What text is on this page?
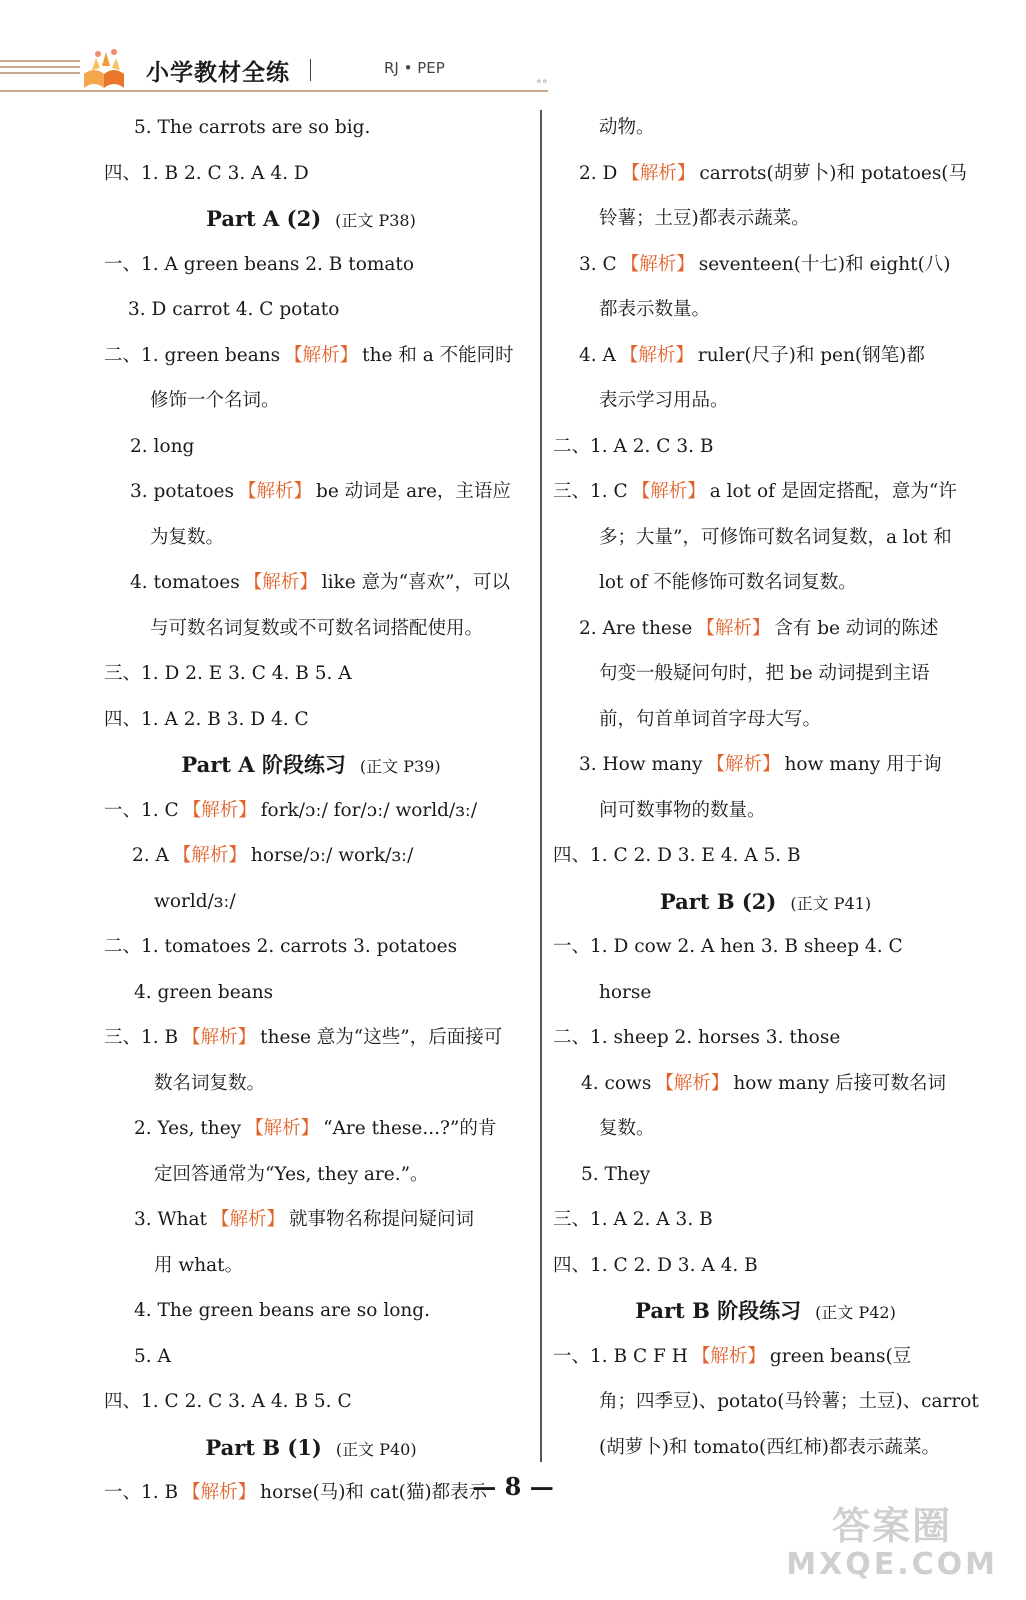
小学教材全练	RJ • PEP
∘∘
5. The carrots are so big.
四、1. B 2. C 3. A 4. D
Part A (2) (正文 P38)
一、1. A green beans 2. B tomato
3. D carrot 4. C potato
二、1. green beans 【解析】 the 和 a 不能同时
修饰一个名词。
2. long
3. potatoes 【解析】 be 动词是 are，主语应
为复数。
4. tomatoes 【解析】 like 意为“喜欢”，可以
与可数名词复数或不可数名词搭配使用。
三、1. D 2. E 3. C 4. B 5. A
四、1. A 2. B 3. D 4. C
Part A 阶段练习 (正文 P39)
一、1. C 【解析】 fork/ɔː/ for/ɔː/ world/ɜː/
2. A 【解析】 horse/ɔː/ work/ɜː/
world/ɜː/
二、1. tomatoes 2. carrots 3. potatoes
4. green beans
三、1. B 【解析】 these 意为“这些”，后面接可
数名词复数。
2. Yes, they 【解析】 “Are these...?”的肯
定回答通常为“Yes, they are.”。
3. What 【解析】 就事物名称提问疑问词
用 what。
4. The green beans are so long.
5. A
四、1. C 2. C 3. A 4. B 5. C
Part B (1) (正文 P40)
一、1. B 【解析】 horse(马)和 cat(猫)都表示
动物。
2. D 【解析】 carrots(胡萝卜)和 potatoes(马
铃薯；土豆)都表示蔬菜。
3. C 【解析】 seventeen(十七)和 eight(八)
都表示数量。
4. A 【解析】 ruler(尺子)和 pen(钢笔)都
表示学习用品。
二、1. A 2. C 3. B
三、1. C 【解析】 a lot of 是固定搭配，意为“许
多；大量”，可修饰可数名词复数，a lot 和
lot of 不能修饰可数名词复数。
2. Are these 【解析】 含有 be 动词的陈述
句变一般疑问句时，把 be 动词提到主语
前，句首单词首字母大写。
3. How many 【解析】 how many 用于询
问可数事物的数量。
四、1. C 2. D 3. E 4. A 5. B
Part B (2) (正文 P41)
一、1. D cow 2. A hen 3. B sheep 4. C
horse
二、1. sheep 2. horses 3. those
4. cows 【解析】 how many 后接可数名词
复数。
5. They
三、1. A 2. A 3. B
四、1. C 2. D 3. A 4. B
Part B 阶段练习 (正文 P42)
一、1. B C F H 【解析】 green beans(豆
角；四季豆)、potato(马铃薯；土豆)、carrot
(胡萝卜)和 tomato(西红柿)都表示蔬菜。
— 8 —
答案圈
MXQE.COM
